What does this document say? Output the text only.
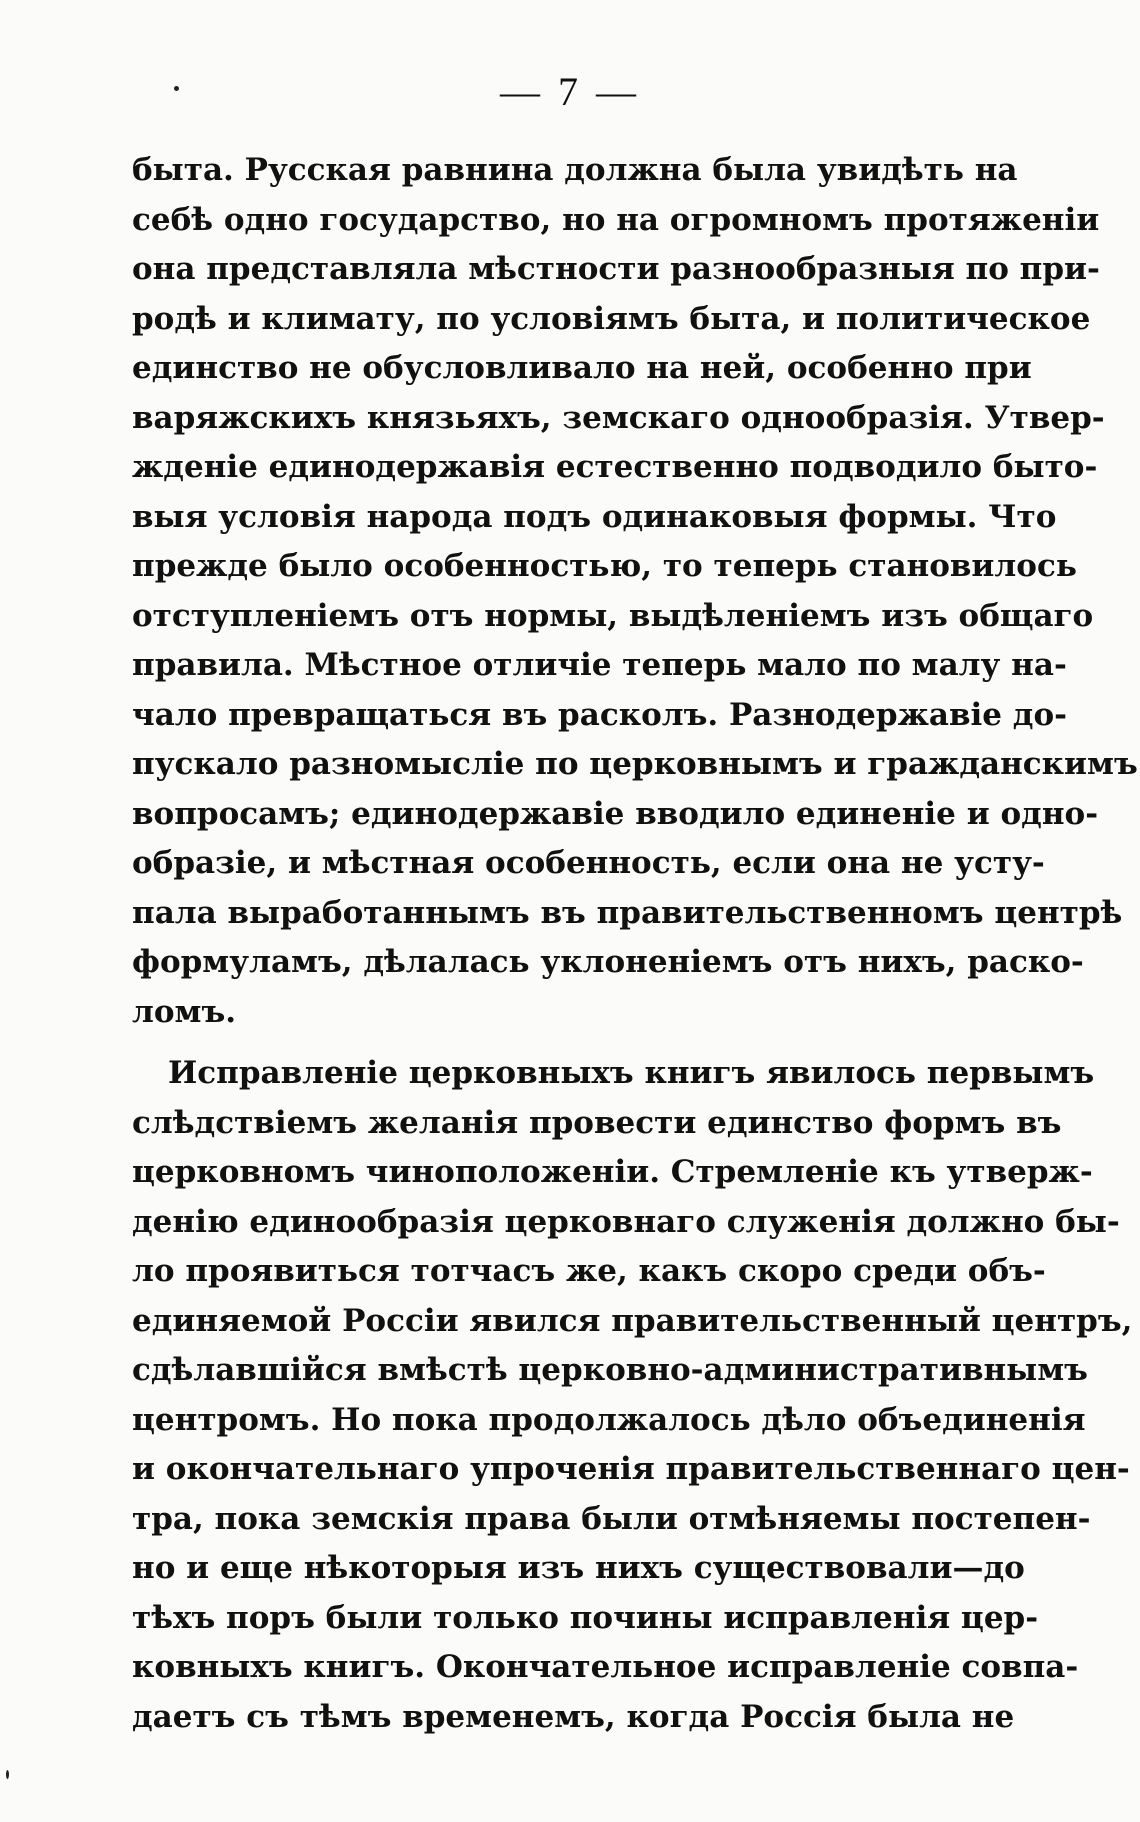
— 7 —
быта. Русская равнина должна была увидѣть на
себѣ одно государство, но на огромномъ протяженіи
она представляла мѣстности разнообразныя по при-
родѣ и климату, по условіямъ быта, и политическое
единство не обусловливало на ней, особенно при
варяжскихъ князьяхъ, земскаго однообразія. Утвер-
жденіе единодержавія естественно подводило быто-
выя условія народа подъ одинаковыя формы. Что
прежде было особенностью, то теперь становилось
отступленіемъ отъ нормы, выдѣленіемъ изъ общаго
правила. Мѣстное отличіе теперь мало по малу на-
чало превращаться въ расколъ. Разнодержавіе до-
пускало разномысліе по церковнымъ и гражданскимъ
вопросамъ; единодержавіе вводило единеніе и одно-
образіе, и мѣстная особенность, если она не усту-
пала выработаннымъ въ правительственномъ центрѣ
формуламъ, дѣлалась уклоненіемъ отъ нихъ, раско-
ломъ.
Исправленіе церковныхъ книгъ явилось первымъ
слѣдствіемъ желанія провести единство формъ въ
церковномъ чиноположеніи. Стремленіе къ утверж-
денію единообразія церковнаго служенія должно бы-
ло проявиться тотчасъ же, какъ скоро среди объ-
единяемой Россіи явился правительственный центръ,
сдѣлавшійся вмѣстѣ церковно-административнымъ
центромъ. Но пока продолжалось дѣло объединенія
и окончательнаго упроченія правительственнаго цен-
тра, пока земскія права были отмѣняемы постепен-
но и еще нѣкоторыя изъ нихъ существовали—до
тѣхъ поръ были только почины исправленія цер-
ковныхъ книгъ. Окончательное исправленіе совпа-
даетъ съ тѣмъ временемъ, когда Россія была не
